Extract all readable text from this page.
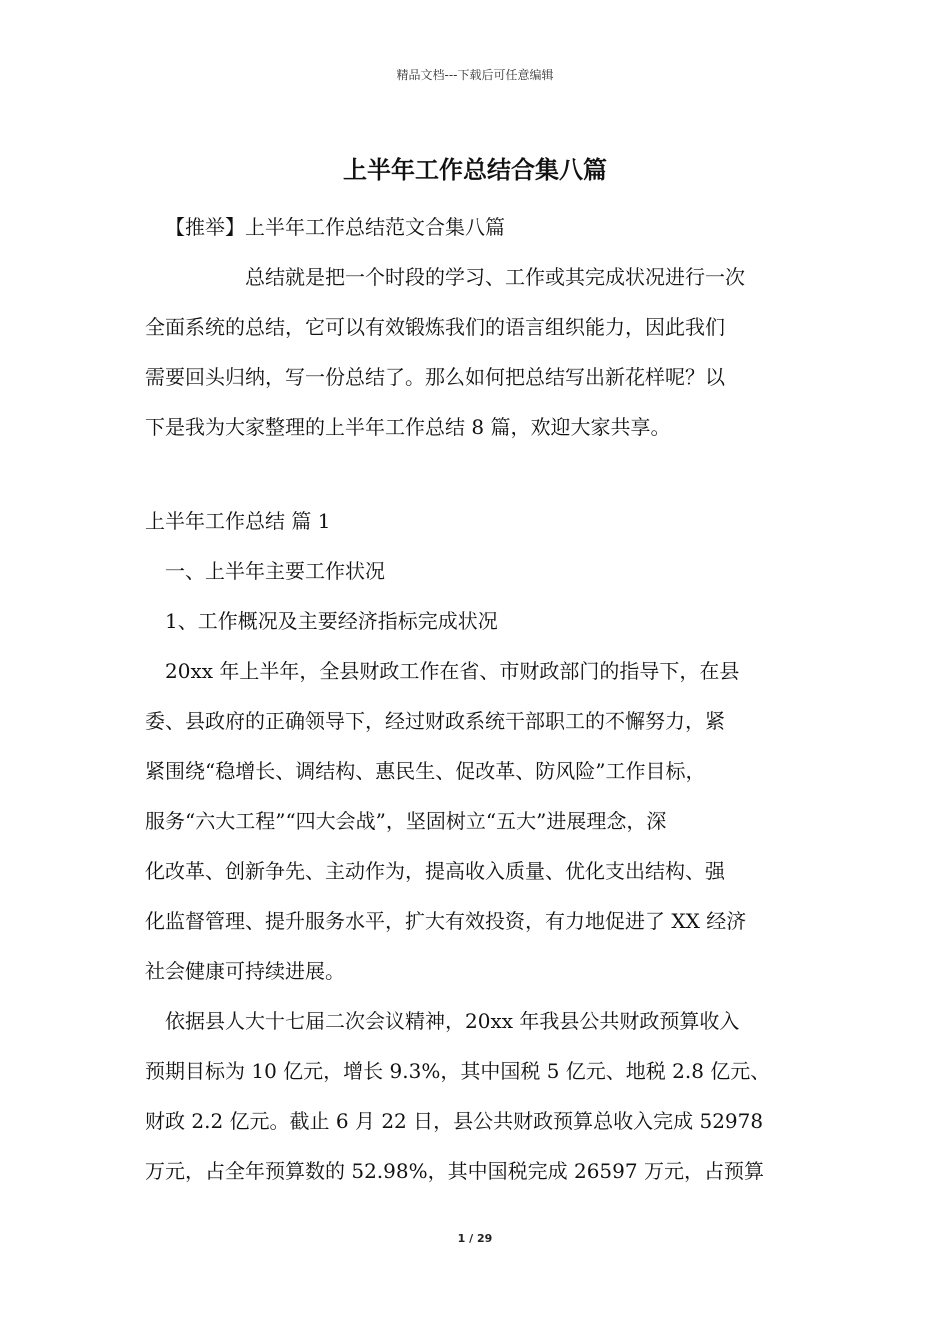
精品文档---下载后可任意编辑
上半年工作总结合集八篇
【推举】上半年工作总结范文合集八篇
总结就是把一个时段的学习、工作或其完成状况进行一次
全面系统的总结，它可以有效锻炼我们的语言组织能力，因此我们
需要回头归纳，写一份总结了。那么如何把总结写出新花样呢？以
下是我为大家整理的上半年工作总结 8 篇，欢迎大家共享。
上半年工作总结 篇 1
一、上半年主要工作状况
1、工作概况及主要经济指标完成状况
20xx 年上半年，全县财政工作在省、市财政部门的指导下，在县
委、县政府的正确领导下，经过财政系统干部职工的不懈努力，紧
紧围绕“稳增长、调结构、惠民生、促改革、防风险”工作目标，
服务“六大工程”“四大会战”，坚固树立“五大”进展理念，深
化改革、创新争先、主动作为，提高收入质量、优化支出结构、强
化监督管理、提升服务水平，扩大有效投资，有力地促进了 XX 经济
社会健康可持续进展。
依据县人大十七届二次会议精神，20xx 年我县公共财政预算收入
预期目标为 10 亿元，增长 9.3%，其中国税 5 亿元、地税 2.8 亿元、
财政 2.2 亿元。截止 6 月 22 日，县公共财政预算总收入完成 52978
万元，占全年预算数的 52.98%，其中国税完成 26597 万元，占预算
1 / 29
